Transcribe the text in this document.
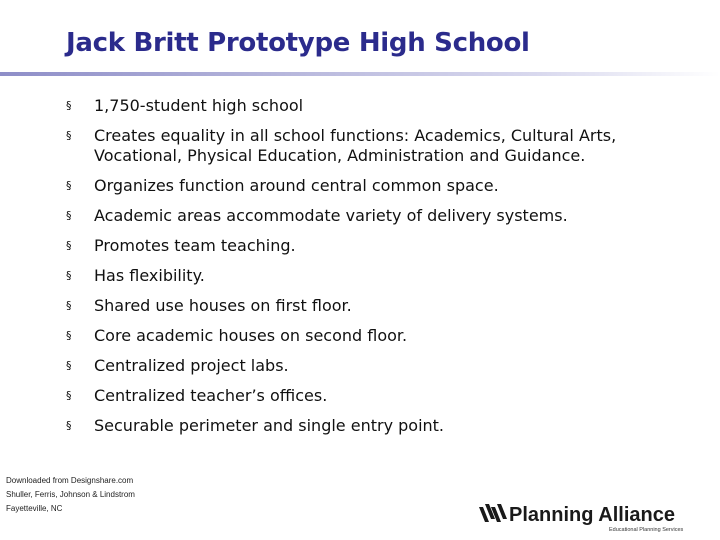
Jack Britt Prototype High School
§ 1,750-student high school
§ Creates equality in all school functions: Academics, Cultural Arts, Vocational, Physical Education, Administration and Guidance.
§ Organizes function around central common space.
§ Academic areas accommodate variety of delivery systems.
§ Promotes team teaching.
§ Has flexibility.
§ Shared use houses on first floor.
§ Core academic houses on second floor.
§ Centralized project labs.
§ Centralized teacher’s offices.
§ Securable perimeter and single entry point.
Downloaded from Designshare.com
Shuller, Ferris, Johnson & Lindstrom
Fayetteville, NC	Planning Alliance
Educational Planning Services
